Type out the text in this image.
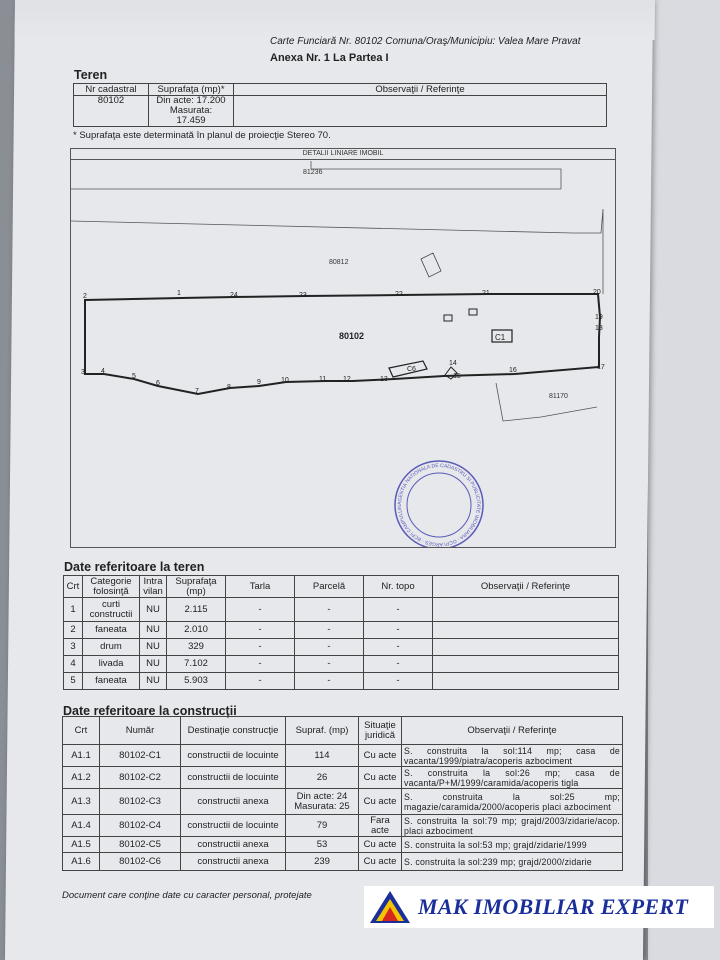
Carte Funciară Nr. 80102 Comuna/Oraş/Municipiu: Valea Mare Pravat
Anexa Nr. 1 La Partea I
Teren
Nr cadastral	Suprafaţa (mp)*	Observaţii / Referinţe
80102	Din acte: 17.200
Masurata:
17.459	

* Suprafaţa este determinată în planul de proiecţie Stereo 70.
DETALII LINIARE IMOBIL
AGENTIA NATIONALA DE CADASTRU SI PUBLICITATE IMOBILIARA - OCPI ARGES - BCPI CAMPULUN
81236
80812
80102
81170
C1
C6
1
2
3 4
5
6
7
8
9	10	11 12	13
14
15
16	17
18
19
20
21
22
23
24
Date referitoare la teren
Crt	Categorie folosinţă	Intra vilan	Suprafaţa (mp)	Tarla	Parcelă	Nr. topo	Observaţii / Referinţe
1	curti constructii	NU	2.115	-	-	-	
2	faneata	NU	2.010	-	-	-	
3	drum	NU	329	-	-	-	
4	livada	NU	7.102	-	-	-	
5	faneata	NU	5.903	-	-	-	
Date referitoare la construcţii
Crt	Număr	Destinaţie construcţie	Supraf. (mp)	Situaţie juridică	Observaţii / Referinţe
A1.1	80102-C1	constructii de locuinte	114	Cu acte	S. construita la sol:114 mp; casa de vacanta/1999/piatra/acoperis azbociment
A1.2	80102-C2	constructii de locuinte	26	Cu acte	S. construita la sol:26 mp; casa de vacanta/P+M/1999/caramida/acoperis tigla
A1.3	80102-C3	constructii anexa	Din acte: 24 Masurata: 25	Cu acte	S. construita la sol:25 mp; magazie/caramida/2000/acoperis placi azbociment
A1.4	80102-C4	constructii de locuinte	79	Fara acte	S. construita la sol:79 mp; grajd/2003/zidarie/acop. placi azbociment
A1.5	80102-C5	constructii anexa	53	Cu acte	S. construita la sol:53 mp; grajd/zidarie/1999
A1.6	80102-C6	constructii anexa	239	Cu acte	S. construita la sol:239 mp; grajd/2000/zidarie
Document care conţine date cu caracter personal, protejate	MAK IMOBILIAR EXPERT
